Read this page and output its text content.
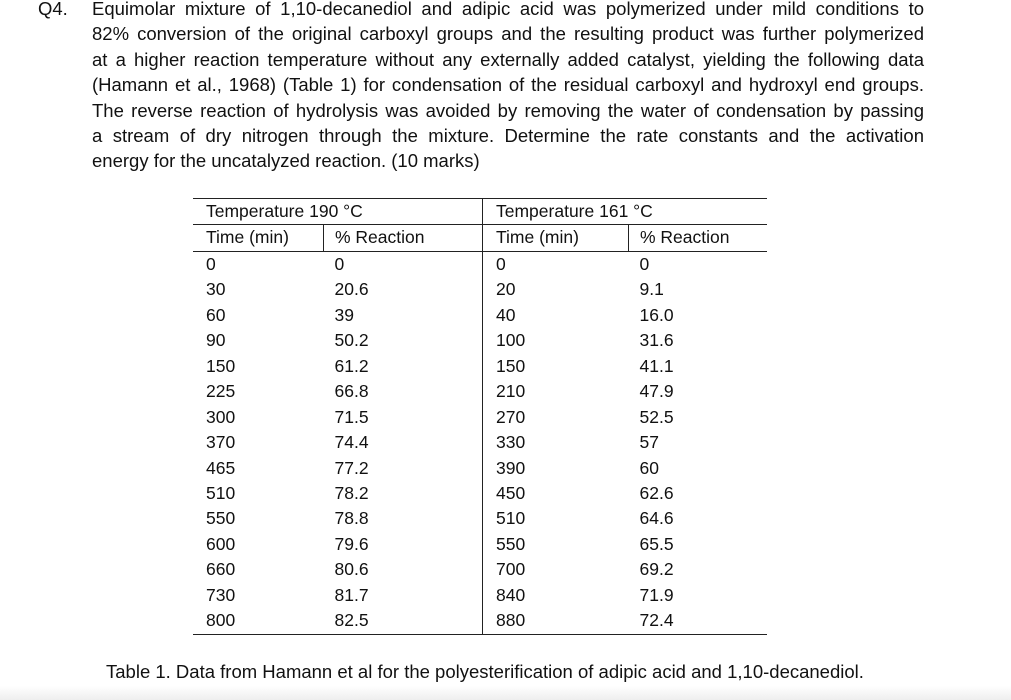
Q4. Equimolar mixture of 1,10-decanediol and adipic acid was polymerized under mild conditions to
82% conversion of the original carboxyl groups and the resulting product was further polymerized
at a higher reaction temperature without any externally added catalyst, yielding the following data
(Hamann et al., 1968) (Table 1) for condensation of the residual carboxyl and hydroxyl end groups.
The reverse reaction of hydrolysis was avoided by removing the water of condensation by passing
a stream of dry nitrogen through the mixture. Determine the rate constants and the activation
energy for the uncatalyzed reaction. (10 marks)
Temperature 190 °C	
Time (min)	% Reaction
0	0
30	20.6
60	39
90	50.2
150	61.2
225	66.8
300	71.5
370	74.4
465	77.2
510	78.2
550	78.8
600	79.6
660	80.6
730	81.7
800	82.5
Temperature 161 °C	
Time (min)	% Reaction
0	0
20	9.1
40	16.0
100	31.6
150	41.1
210	47.9
270	52.5
330	57
390	60
450	62.6
510	64.6
550	65.5
700	69.2
840	71.9
880	72.4
Table 1. Data from Hamann et al for the polyesterification of adipic acid and 1,10-decanediol.
